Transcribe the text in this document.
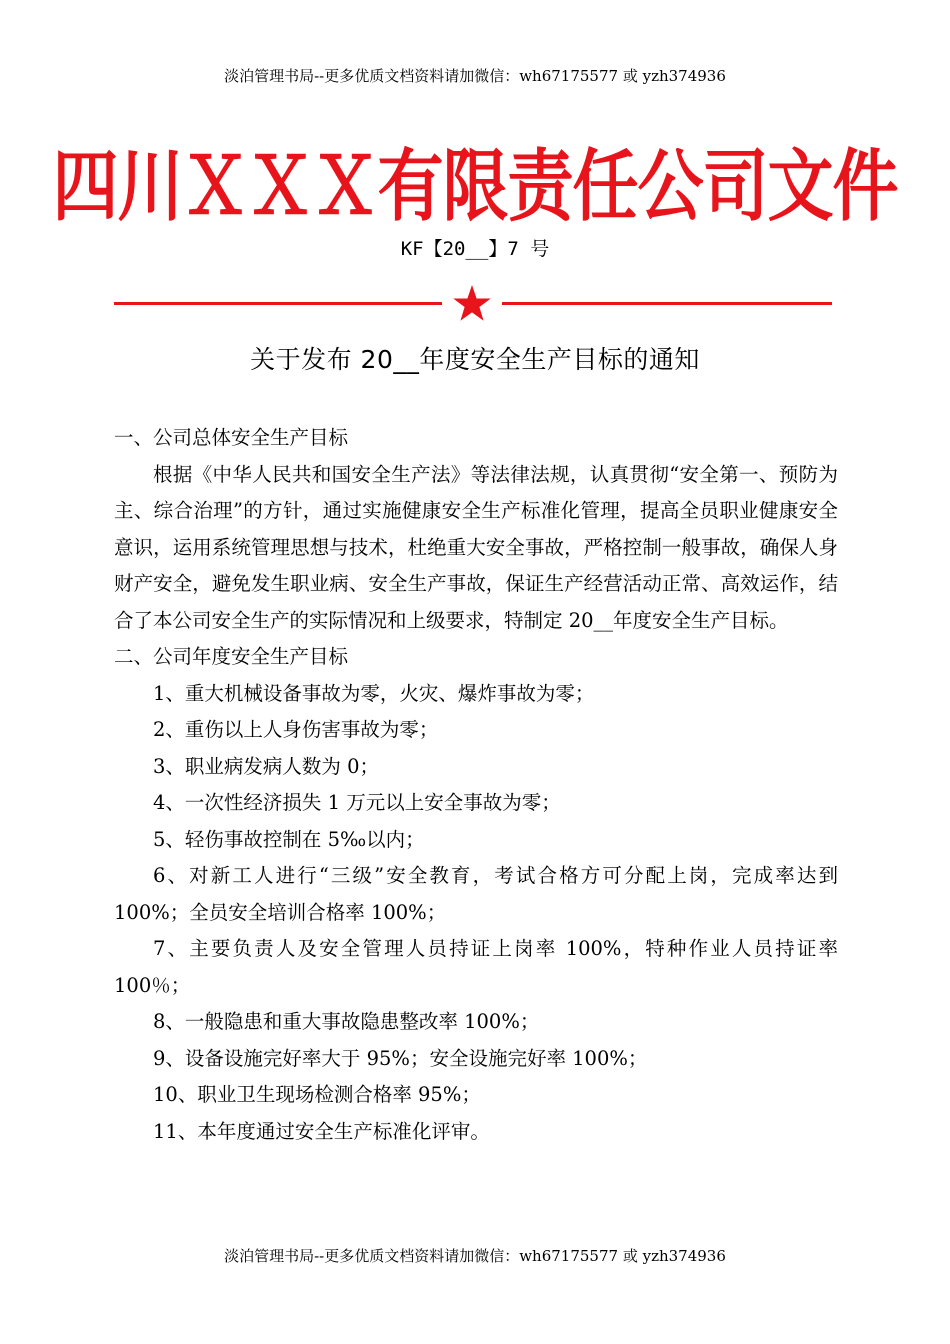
淡泊管理书局--更多优质文档资料请加微信：wh67175577 或 yzh374936
四川ＸＸＸ有限责任公司文件
KF【20__】7 号
关于发布 20__年度安全生产目标的通知

一、公司总体安全生产目标

根据《中华人民共和国安全生产法》等法律法规，认真贯彻“安全第一、预防为主、综合治理”的方针，通过实施健康安全生产标准化管理，提高全员职业健康安全意识，运用系统管理思想与技术，杜绝重大安全事故，严格控制一般事故，确保人身财产安全，避免发生职业病、安全生产事故，保证生产经营活动正常、高效运作，结合了本公司安全生产的实际情况和上级要求，特制定 20__年度安全生产目标。

二、公司年度安全生产目标

1、重大机械设备事故为零，火灾、爆炸事故为零；

2、重伤以上人身伤害事故为零；

3、职业病发病人数为 0；

4、一次性经济损失 1 万元以上安全事故为零；

5、轻伤事故控制在 5‰以内；

6、对新工人进行“三级”安全教育，考试合格方可分配上岗，完成率达到 100%；全员安全培训合格率 100%；

7、主要负责人及安全管理人员持证上岗率 100%，特种作业人员持证率 100％；

8、一般隐患和重大事故隐患整改率 100%；

9、设备设施完好率大于 95%；安全设施完好率 100%；

10、职业卫生现场检测合格率 95%；

11、本年度通过安全生产标准化评审。

淡泊管理书局--更多优质文档资料请加微信：wh67175577 或 yzh374936
